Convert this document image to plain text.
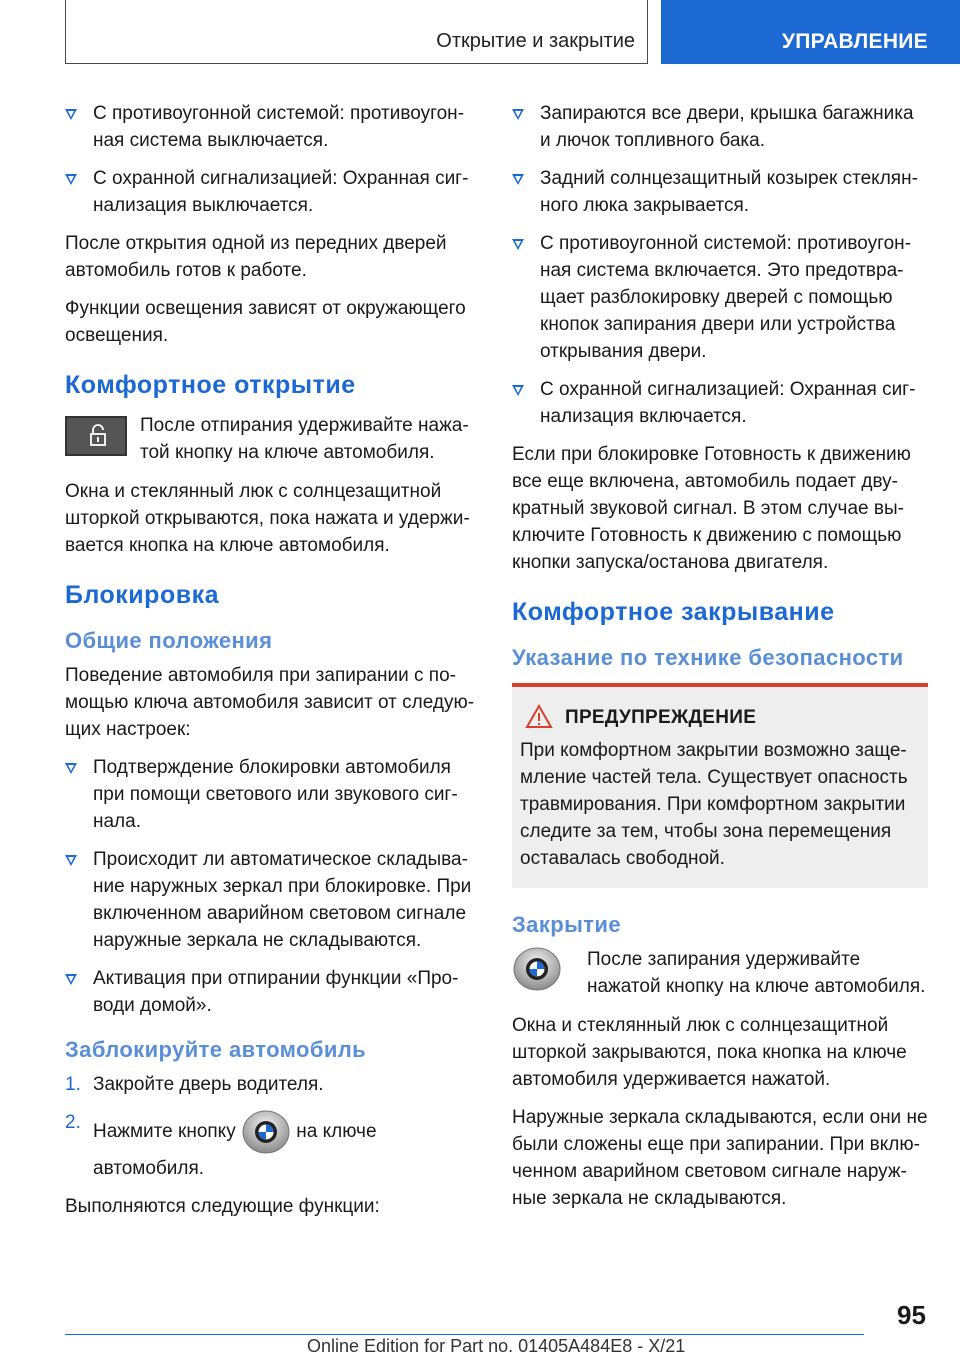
Открытие и закрытие	УПРАВЛЕНИЕ
С противоугонной системой: противоугонная система выключается.
С охранной сигнализацией: Охранная сигнализация выключается.

После открытия одной из передних дверей автомобиль готов к работе.

Функции освещения зависят от окружающего освещения.

Комфортное открытие

После отпирания удерживайте нажатой кнопку на ключе автомобиля.

Окна и стеклянный люк с солнцезащитной шторкой открываются, пока нажата и удерживается кнопка на ключе автомобиля.

Блокировка
Общие положения

Поведение автомобиля при запирании с помощью ключа автомобиля зависит от следующих настроек:

Подтверждение блокировки автомобиля при помощи светового или звукового сигнала.
Происходит ли автоматическое складывание наружных зеркал при блокировке. При включенном аварийном световом сигнале наружные зеркала не складываются.
Активация при отпирании функции «Проводи домой».
Заблокируйте автомобиль
1. Закройте дверь водителя.
2. Нажмите кнопку	на ключе автомобиля.

Выполняются следующие функции:

Запираются все двери, крышка багажника и лючок топливного бака.
Задний солнцезащитный козырек стеклянного люка закрывается.
С противоугонной системой: противоугонная система включается. Это предотвращает разблокировку дверей с помощью кнопок запирания двери или устройства открывания двери.
С охранной сигнализацией: Охранная сигнализация включается.

Если при блокировке Готовность к движению все еще включена, автомобиль подает двукратный звуковой сигнал. В этом случае выключите Готовность к движению с помощью кнопки запуска/останова двигателя.

Комфортное закрывание
Указание по технике безопасности
ПРЕДУПРЕЖДЕНИЕ

При комфортном закрытии возможно защемление частей тела. Существует опасность травмирования. При комфортном закрытии следите за тем, чтобы зона перемещения оставалась свободной.

Закрытие

После запирания удерживайте нажатой кнопку на ключе автомобиля.

Окна и стеклянный люк с солнцезащитной шторкой закрываются, пока кнопка на ключе автомобиля удерживается нажатой.

Наружные зеркала складываются, если они не были сложены еще при запирании. При включенном аварийном световом сигнале наружные зеркала не складываются.

95
Online Edition for Part no. 01405A484E8 - X/21
